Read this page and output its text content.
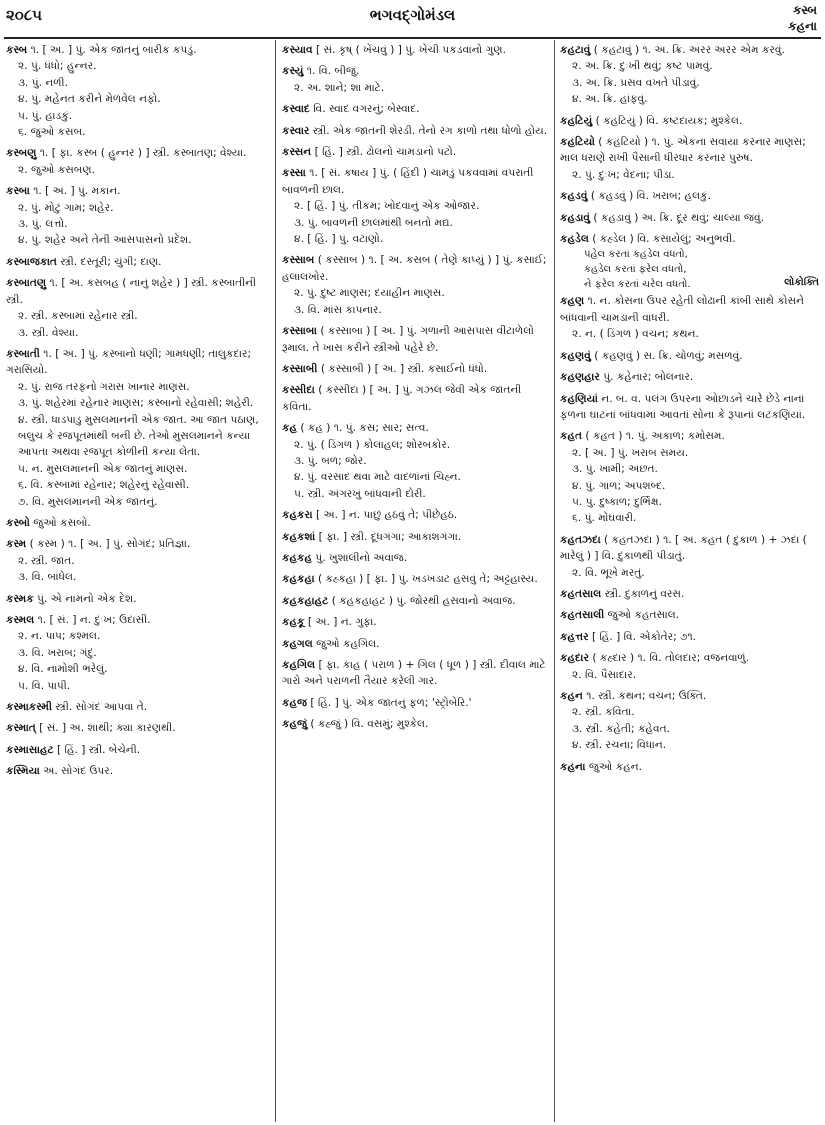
૨૦૮૫	ભગવદ્ગોમંડલ	કસ્બ
કહના

કસ્બ ૧. [ અ. ] પું. એક જાતનું બારીક કપડું.

૨. પું. ધંધો; હુન્નર.

૩. પું. નળી.

૪. પું. મહેનત કરીને મેળવેલ નફો.

૫. પું. હાડકું.

૬. જુઓ કસબ.

કસ્બણુ ૧. [ ફા. કસ્બ ( હુન્નર ) ] સ્ત્રી. કસ્બાતણ; વેશ્યા.

૨. જુઓ કસબણ.

કસ્બા ૧. [ અ. ] પું. મકાન.

૨. પું. મોટું ગામ; શહેર.

૩. પું. લત્તો.

૪. પું. શહેર અને તેની આસપાસનો પ્રદેશ.

કસ્બાજકાત સ્ત્રી. દસ્તૂરી; ચુંગી; દાણ.

કસ્બાતણુ ૧. [ અ. કસબહ ( નાનું શહેર ) ] સ્ત્રી. કસ્બાતીની સ્ત્રી.

૨. સ્ત્રી. કસ્બામાં રહેનાર સ્ત્રી.

૩. સ્ત્રી. વેશ્યા.

કસ્બાતી ૧. [ અ. ] પું. કસ્બાનો ધણી; ગામધણી; તાલુકદાર; ગરાસિયો.

૨. પું. રાજ તરફનો ગરાસ ખાનાર માણસ.

૩. પું. શહેરમાં રહેનાર માણસ; કસ્બાનો રહેવાસી; શહેરી.

૪. સ્ત્રી. ધાડપાડુ મુસલમાનની એક જાત. આ જાત પઠાણ, બલુચ કે રજપૂતમાંથી બની છે. તેઓ મુસલમાનને કન્યા આપતા અથવા રજપૂત કોળીની કન્યા લેતા.

૫. ન. મુસલમાનની એક જાતનું માણસ.

૬. વિ. કસ્બામાં રહેનાર; શહેરનું રહેવાસી.

૭. વિ. મુસલમાનની એક જાતનું.

કસ્બો જુઓ કસબો.

કસ્મ ( કસ્મ ) ૧. [ અ. ] પું. સોગંદ; પ્રતિજ્ઞા.

૨. સ્ત્રી. જાત.

૩. વિ. બાંધેલ.

કસ્મક પું. એ નામનો એક દેશ.

કસ્મલ ૧. [ સં. ] ન. દુઃખ; ઉદાસી.

૨. ન. પાપ; કશ્મલ.

૩. વિ. ખરાબ; ગંદું.

૪. વિ. નામોશી ભરેલું.

૫. વિ. પાપી.

કસ્માકસ્મી સ્ત્રી. સોગંદ આપવા તે.

કસ્માત્ [ સં. ] અ. શાથી; ક્યા કારણથી.

કસ્માસાહટ [ હિં. ] સ્ત્રી. બેચેની.

કસ્મિયા અ. સોગંદ ઉપર.

કસ્યાવ [ સં. કૃષ્ ( ખેંચવું ) ] પું. ખેંચી પકડવાનો ગુણ.

કસ્યું ૧. વિ. બીજું.

૨. અ. શાને; શા માટે.

કસ્વાદ વિ. સ્વાદ વગરનું; બેસ્વાદ.

કસ્વાર સ્ત્રી. એક જાતની શેરડી. તેનો રંગ કાળો તથા ધોળો હોય.

કસ્સન [ હિં. ] સ્ત્રી. ઢોલનો ચામડાનો પટો.

કસ્સા ૧. [ સં. કષાય ] પું. ( હિંદી ) ચામડું પકવવામાં વપરાતી બાવળની છાલ.

૨. [ હિં. ] પું. તીકમ; ખોદવાનું એક ઓજાર.

૩. પું. બાવળની છાલમાંથી બનતો મદ્ય.

૪. [ હિં. ] પું. વટાણો.

કસ્સાબ ( કસ્સાબ ) ૧. [ અ. કસબ ( તેણે કાપ્યું ) ] પું. કસાઈ; હલાલખોર.

૨. પું. દુષ્ટ માણસ; દયાહીન માણસ.

૩. વિ. માંસ કાપનાર.

કસ્સાબા ( કસ્સાબા ) [ અ. ] પું. ગળાની આસપાસ વીંટાળેલો રૂમાલ. તે ખાસ કરીને સ્ત્રીઓ પહેરે છે.

કસ્સાબી ( કસ્સાબી ) [ અ. ] સ્ત્રી. કસાઈનો ધંધો.

કસ્સીદા ( કસ્સીદા ) [ અ. ] પું. ગઝલ જેવી એક જાતની કવિતા.

કહ ( કહ ) ૧. પું. કસ; સાર; સત્વ.

૨. પું. ( ડિંગળ ) કોલાહલ; શોરબકોર.

૩. પું. બળ; જોર.

૪. પું. વરસાદ થવા માટે વાદળાંનાં ચિહ્ન.

૫. સ્ત્રી. અંગરખું બાંધવાની દોરી.

કહકરા [ અ. ] ન. પાછું હઠવું તે; પીછેહઠ.

કહકશાં [ ફા. ] સ્ત્રી. દૂધગંગા; આકાશગંગા.

કહકહ પું. ખુશાલીનો અવાજ.

કહકહા ( કહ્કહા ) [ ફા. ] પું. ખડખડાટ હસવું તે; અટ્ટહાસ્ય.

કહકહાહટ ( કહકહાહટ ) પું. જોરથી હસવાનો અવાજ.

કહકૂ [ અ. ] ન. ગુફા.

કહગલ જુઓ કહગિલ.

કહગિલ [ ફા. કાહ ( પરાળ ) + ગિલ ( ધૂળ ) ] સ્ત્રી. દીવાલ માટે ગારો અને પરાળની તૈયાર કરેલી ગાર.

કહજ [ હિં. ] પું. એક જાતનું ફળ; 'સ્ટ્રોબેરિ.'

કહજું ( કહ્જું ) વિ. વસમું; મુશ્કેલ.

કહટાવું ( કહટાવું ) ૧. અ. ક્રિ. અરર અરર એમ કરવું.

૨. અ. ક્રિ. દુઃખી થવું; કષ્ટ પામવું.

૩. અ. ક્રિ. પ્રસવ વખતે પીડાવું.

૪. અ. ક્રિ. હાંફવું.

કહટિયું ( કહટિયું ) વિ. કષ્ટદાયક; મુશ્કેલ.

કહટિયો ( કહટિયો ) ૧. પું. એકના સવાયા કરનાર માણસ; માલ ધરાણે રાખી પૈસાની ધીરધાર કરનાર પુરુષ.

૨. પું. દુઃખ; વેદના; પીડા.

કહડવું ( કહડવું ) વિ. ખરાબ; હલકું.

કહડાવું ( કહડાવું ) અ. ક્રિ. દૂર થવું; ચાલ્યા જવું.

કહડેલ ( કહ્ડેલ ) વિ. કસાયેલું; અનુભવી.

પહેલ કરતાં કહડેલ વધતો,
કહડેલ કરતાં ફરેલ વધતો,
ને ફરેલ કરતાં ચરેલ વધતો.	લોકોક્તિ

કહણ ૧. ન. કોસના ઉપર રહેતી લોઢાની કાંબી સાથે કોસને બાંધવાની ચામડાની વાધરી.

૨. ન. ( ડિંગળ ) વચન; કથન.

કહણવું ( કહણવું ) સ. ક્રિ. ચોળવું; મસળવું.

કહણહાર પું. કહેનાર; બોલનાર.

કહણિયાં ન. બ. વ. પલંગ ઉપરના ઓછાડને ચારે છેડે નાનાં ફળના ઘાટનાં બાંધવામાં આવતાં સોના કે રૂપાનાં લટકણિયાં.

કહત ( કહત ) ૧. પું. અકાળ; કમોસમ.

૨. [ અ. ] પું. ખરાબ સમય.

૩. પું. ખામી; અછત.

૪. પું. ગાળ; અપશબ્દ.

૫. પું. દુષ્કાળ; દુર્ભિક્ષ.

૬. પું. મોંઘવારી.

કહતઝદા ( કહતઝદા ) ૧. [ અ. કહત ( દુકાળ ) + ઝદા ( મારેલું ) ] વિ. દુકાળથી પીડાતું.

૨. વિ. ભૂખે મરતું.

કહતસાલ સ્ત્રી. દુકાળનું વરસ.

કહતસાલી જુઓ કહતસાલ.

કહત્તર [ હિં. ] વિ. એકોતેર; ૭૧.

કહદાર ( કહ્દાર ) ૧. વિ. તોલદાર; વજનવાળું.

૨. વિ. પૈસાદાર.

કહન ૧. સ્ત્રી. કથન; વચન; ઉક્તિ.

૨. સ્ત્રી. કવિતા.

૩. સ્ત્રી. કહેતી; કહેવત.

૪. સ્ત્રી. રચના; વિધાન.

કહના જુઓ કહન.
